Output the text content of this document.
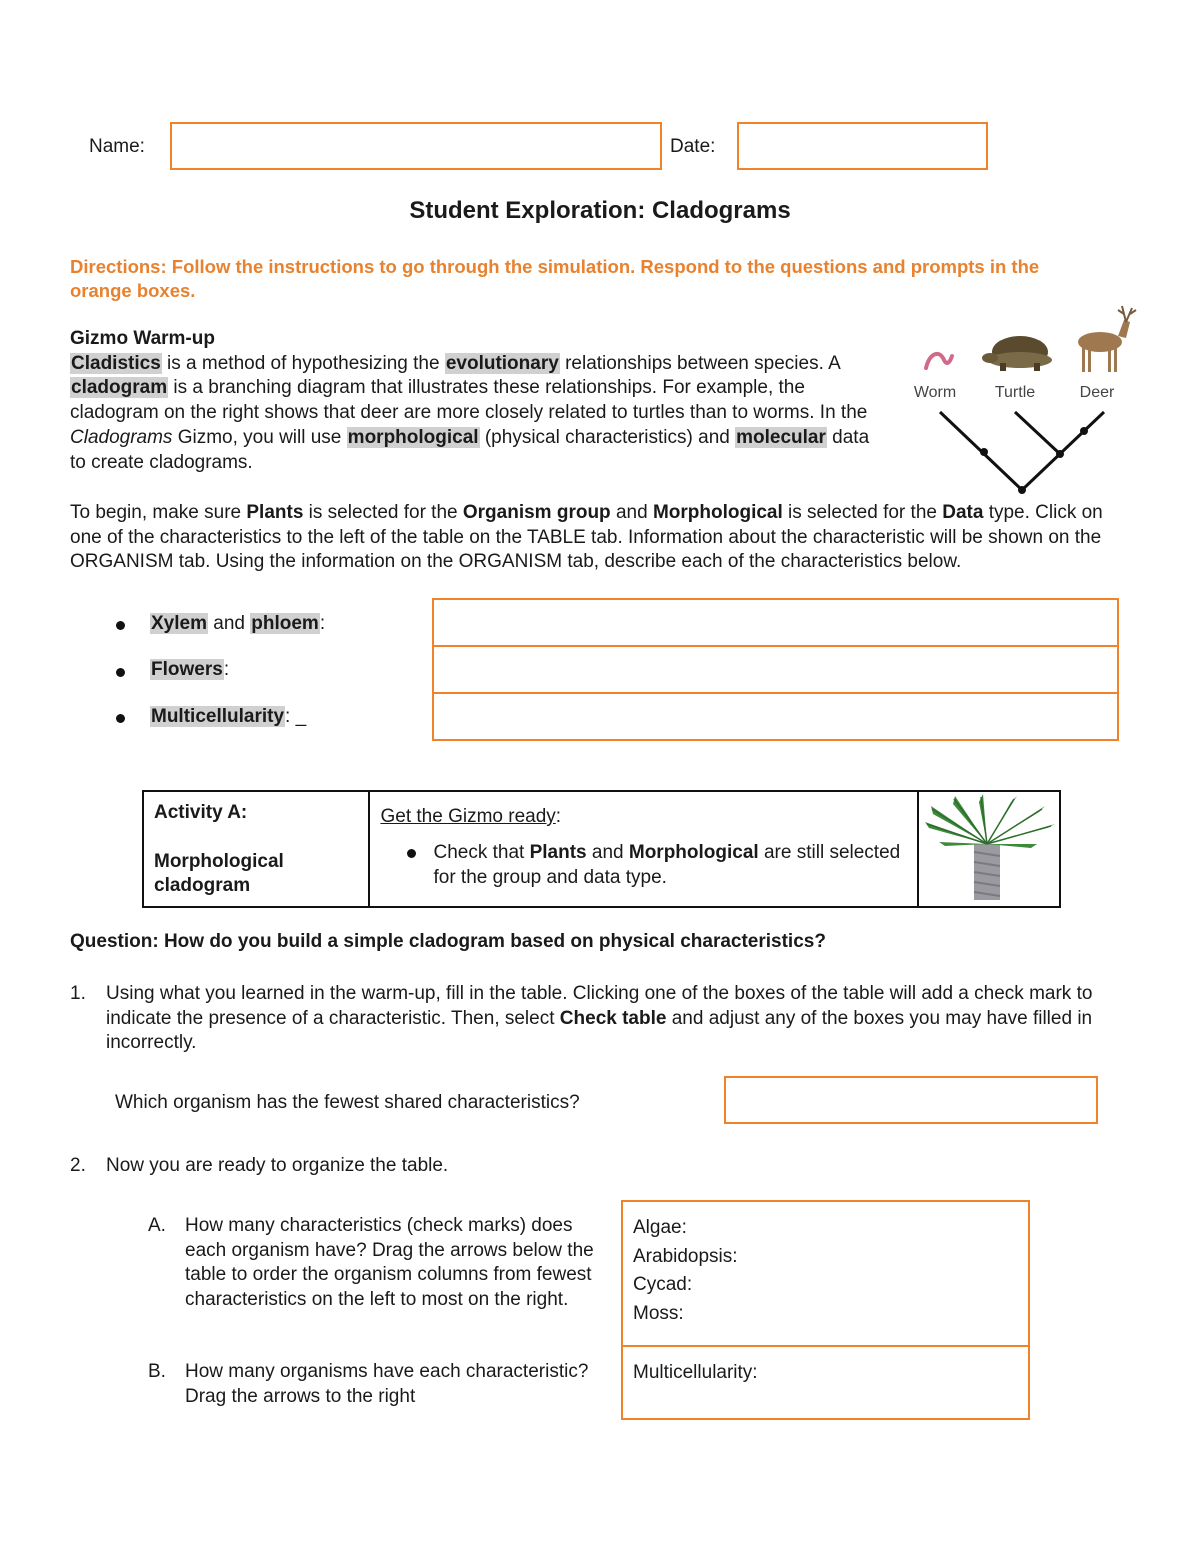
Name:	Date:
Student Exploration: Cladograms
Directions: Follow the instructions to go through the simulation. Respond to the questions and prompts in the orange boxes.
Gizmo Warm-up
Cladistics is a method of hypothesizing the evolutionary relationships between species. A cladogram is a branching diagram that illustrates these relationships. For example, the cladogram on the right shows that deer are more closely related to turtles than to worms. In the Cladograms Gizmo, you will use morphological (physical characteristics) and molecular data to create cladograms.
Worm Turtle	Deer
To begin, make sure Plants is selected for the Organism group and Morphological is selected for the Data type. Click on one of the characteristics to the left of the table on the TABLE tab. Information about the characteristic will be shown on the ORGANISM tab. Using the information on the ORGANISM tab, describe each of the characteristics below.
Xylem and phloem:
Flowers:
Multicellularity: _
Activity A:
Morphological cladogram

Get the Gizmo ready:
Check that Plants and Morphological are still selected for the group and data type.

Question: How do you build a simple cladogram based on physical characteristics?
1. Using what you learned in the warm-up, fill in the table. Clicking one of the boxes of the table will add a check mark to indicate the presence of a characteristic. Then, select Check table and adjust any of the boxes you may have filled in incorrectly.
Which organism has the fewest shared characteristics?
2. Now you are ready to organize the table.
A. How many characteristics (check marks) does each organism have? Drag the arrows below the table to order the organism columns from fewest characteristics on the left to most on the right.
B. How many organisms have each characteristic? Drag the arrows to the right
Algae:
Arabidopsis:
Cycad:
Moss:
Multicellularity:
